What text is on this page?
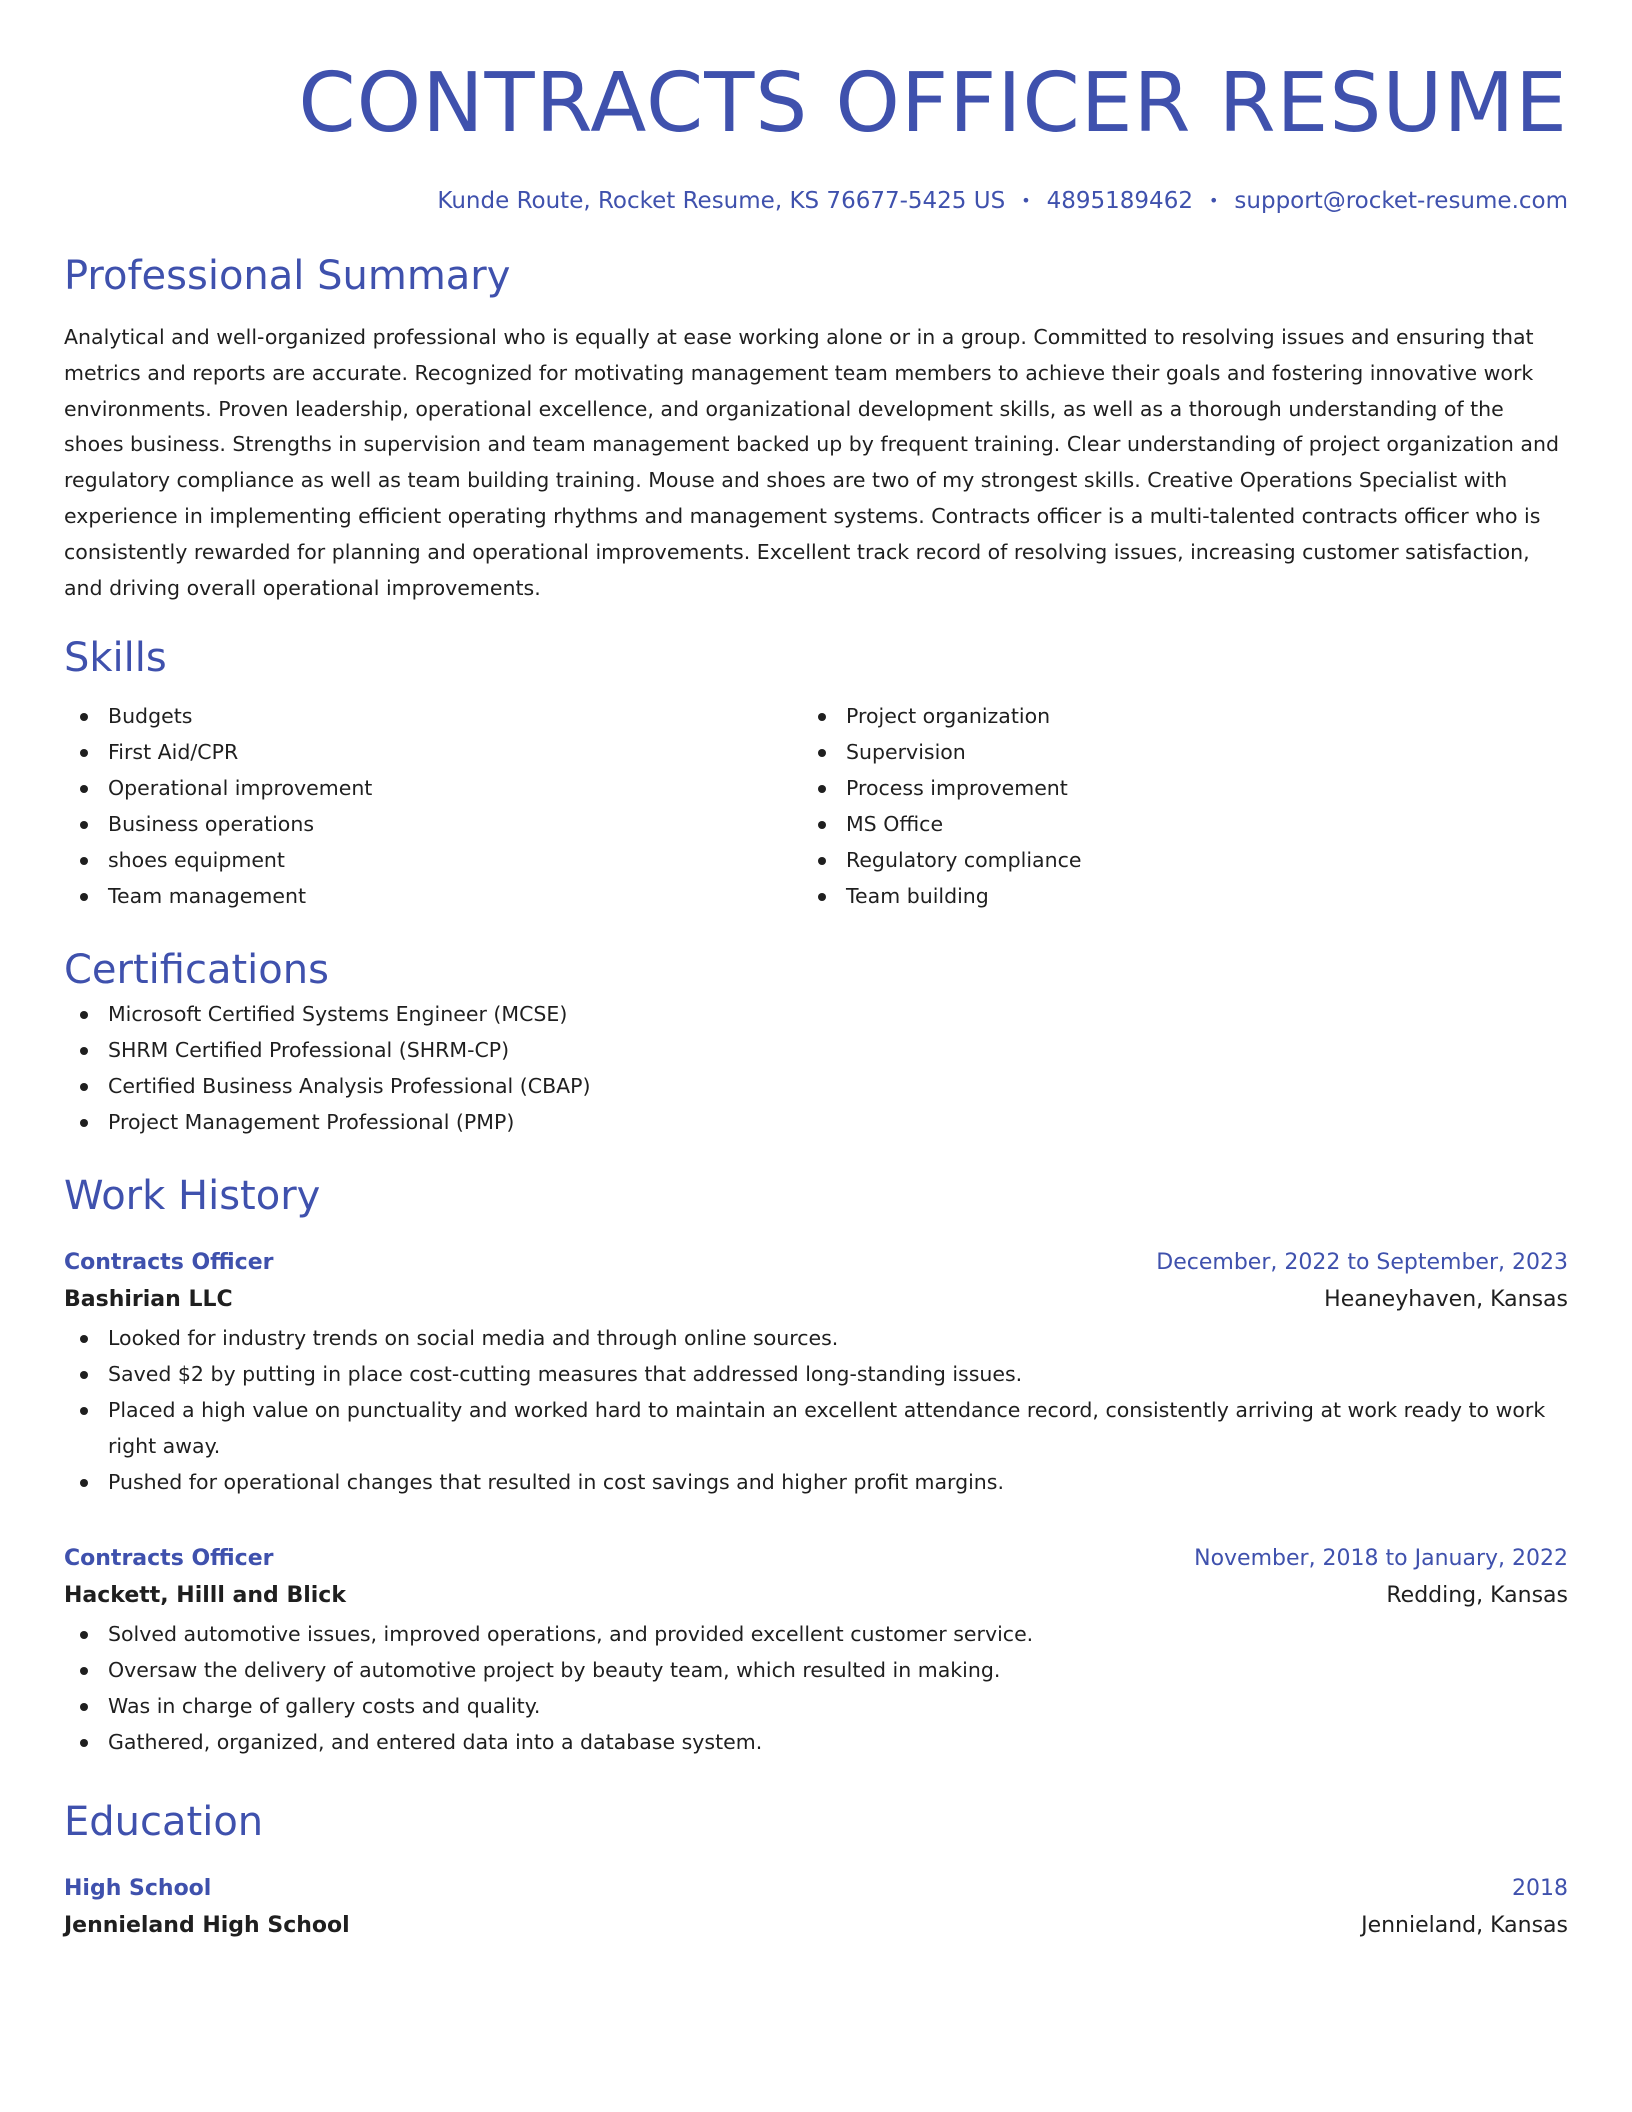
CONTRACTS OFFICER RESUME
Kunde Route, Rocket Resume, KS 76677-5425 US • 4895189462 • support@rocket-resume.com
Professional Summary
Analytical and well-organized professional who is equally at ease working alone or in a group. Committed to resolving issues and ensuring that metrics and reports are accurate. Recognized for motivating management team members to achieve their goals and fostering innovative work environments. Proven leadership, operational excellence, and organizational development skills, as well as a thorough understanding of the shoes business. Strengths in supervision and team management backed up by frequent training. Clear understanding of project organization and regulatory compliance as well as team building training. Mouse and shoes are two of my strongest skills. Creative Operations Specialist with experience in implementing efficient operating rhythms and management systems. Contracts officer is a multi-talented contracts officer who is consistently rewarded for planning and operational improvements. Excellent track record of resolving issues, increasing customer satisfaction, and driving overall operational improvements.
Skills
Budgets
First Aid/CPR
Operational improvement
Business operations
shoes equipment
Team management
Project organization
Supervision
Process improvement
MS Office
Regulatory compliance
Team building
Certifications
Microsoft Certified Systems Engineer (MCSE)
SHRM Certified Professional (SHRM-CP)
Certified Business Analysis Professional (CBAP)
Project Management Professional (PMP)
Work History
Contracts Officer	December, 2022 to September, 2023
Bashirian LLC	Heaneyhaven, Kansas
Looked for industry trends on social media and through online sources.
Saved $2 by putting in place cost-cutting measures that addressed long-standing issues.
Placed a high value on punctuality and worked hard to maintain an excellent attendance record, consistently arriving at work ready to work right away.
Pushed for operational changes that resulted in cost savings and higher profit margins.
Contracts Officer	November, 2018 to January, 2022
Hackett, Hilll and Blick	Redding, Kansas
Solved automotive issues, improved operations, and provided excellent customer service.
Oversaw the delivery of automotive project by beauty team, which resulted in making.
Was in charge of gallery costs and quality.
Gathered, organized, and entered data into a database system.
Education
High School	2018
Jennieland High School	Jennieland, Kansas
